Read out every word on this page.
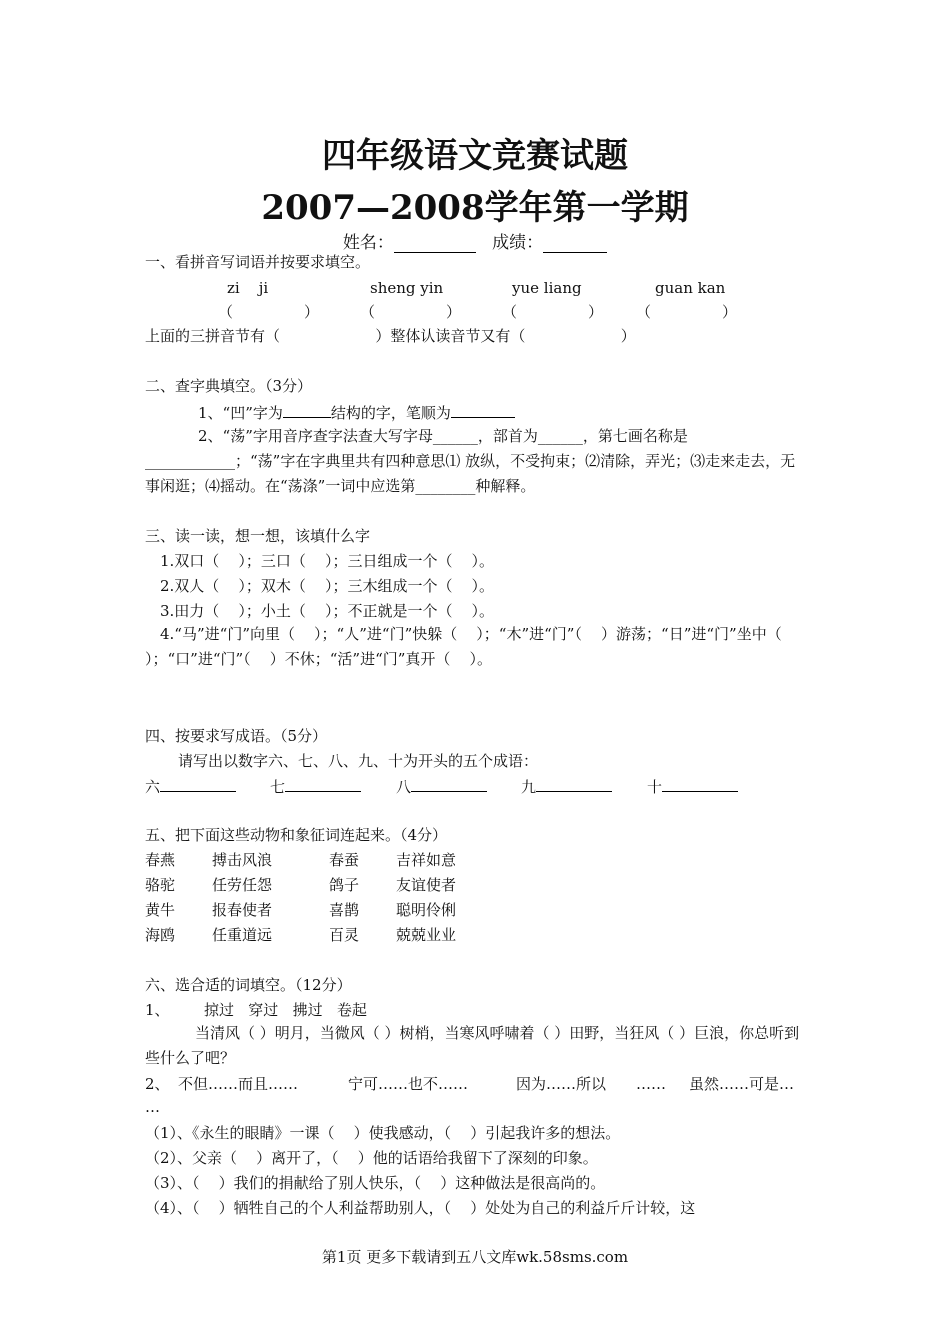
四年级语文竞赛试题
2007—2008学年第一学期
姓名：	成绩：
一、看拼音写词语并按要求填空。
zi    ji	sheng yin	yue liang	guan kan
（	）	（	）	（	） （	）
上面的三拼音节有（                    ）整体认读音节又有（                    ）
二、查字典填空。（3分）
1、“凹”字为	结构的字，笔顺为
2、“荡”字用音序查字法查大写字母______，部首为______，第七画名称是____________；“荡”字在字典里共有四种意思⑴ 放纵，不受拘束；⑵清除，弄光；⑶走来走去，无事闲逛；⑷摇动。在“荡涤”一词中应选第________种解释。
三、读一读，想一想，该填什么字
1.双口（    ）；三口（    ）；三日组成一个（    ）。
2.双人（    ）；双木（    ）；三木组成一个（    ）。
3.田力（    ）；小土（    ）；不正就是一个（    ）。
4.“马”进“门”向里（    ）；“人”进“门”快躲（    ）；“木”进“门”（    ）游荡；“日”进“门”坐中（    ）；“口”进“门”（    ）不休；“活”进“门”真开（    ）。
四、按要求写成语。（5分）
请写出以数字六、七、八、九、十为开头的五个成语：
六	七	八	九	十
五、把下面这些动物和象征词连起来。（4分）
春燕 搏击风浪	春蚕 吉祥如意
骆驼 任劳任怨	鸽子 友谊使者
黄牛 报春使者	喜鹊 聪明伶俐
海鸥 任重道远	百灵 兢兢业业
六、选合适的词填空。（12分）
1、 掠过   穿过   拂过   卷起
当清风（ ）明月，当微风（ ）树梢，当寒风呼啸着（ ）田野，当狂风（ ）巨浪，你总听到些什么了吧？
2、 不但……而且……	宁可……也不……	因为……所以 …… 虽然……可是…
…
（1）、《永生的眼睛》一课（    ）使我感动，（    ）引起我许多的想法。
（2）、父亲（    ）离开了，（    ）他的话语给我留下了深刻的印象。
（3）、（    ）我们的捐献给了别人快乐，（    ）这种做法是很高尚的。
（4）、（    ）牺牲自己的个人利益帮助别人，（    ）处处为自己的利益斤斤计较，这
第1页 更多下载请到五八文库wk.58sms.com
